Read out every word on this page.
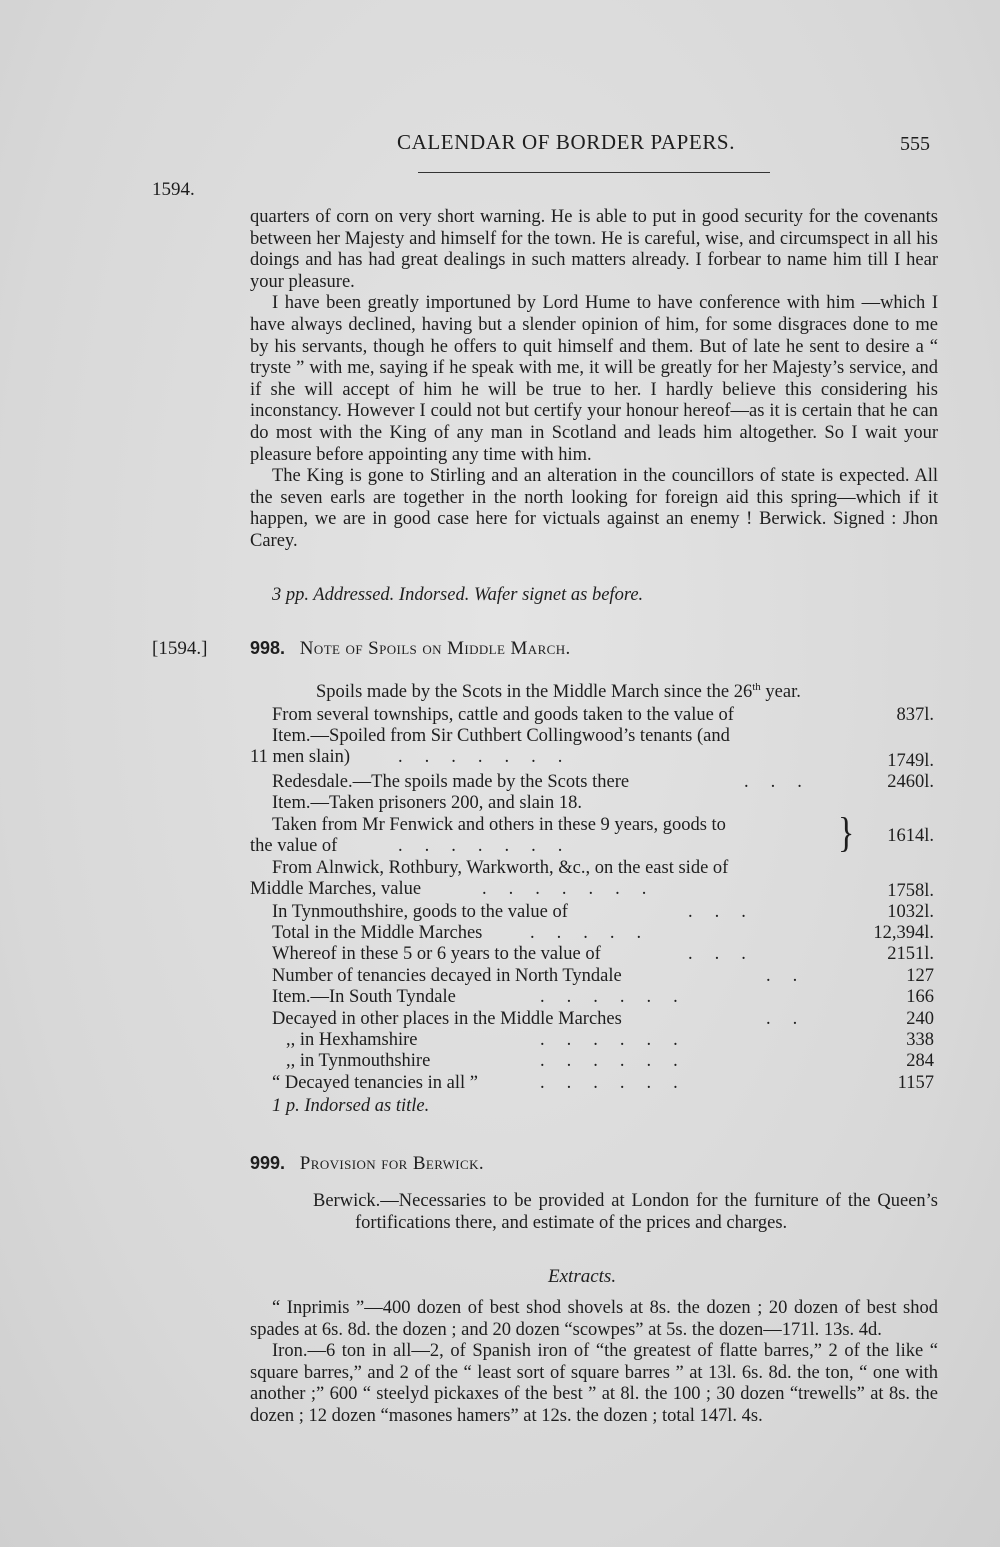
CALENDAR OF BORDER PAPERS.	555
1594.

quarters of corn on very short warning. He is able to put in good security for the covenants between her Majesty and himself for the town. He is careful, wise, and circumspect in all his doings and has had great dealings in such matters already. I forbear to name him till I hear your pleasure.

I have been greatly importuned by Lord Hume to have conference with him —which I have always declined, having but a slender opinion of him, for some disgraces done to me by his servants, though he offers to quit himself and them. But of late he sent to desire a “ tryste ” with me, saying if he speak with me, it will be greatly for her Majesty’s service, and if she will accept of him he will be true to her. I hardly believe this considering his inconstancy. However I could not but certify your honour hereof—as it is certain that he can do most with the King of any man in Scotland and leads him altogether. So I wait your pleasure before appointing any time with him.

The King is gone to Stirling and an alteration in the councillors of state is expected. All the seven earls are together in the north looking for foreign aid this spring—which if it happen, we are in good case here for victuals against an enemy ! Berwick. Signed : Jhon Carey.

3 pp. Addressed. Indorsed. Wafer signet as before.
[1594.] 998. Note of Spoils on Middle March.
Spoils made by the Scots in the Middle March since the 26th year.
From several townships, cattle and goods taken to the value of	837l.
Item.—Spoiled from Sir Cuthbert Collingwood’s tenants (and
11 men slain)	.......	1749l.
Redesdale.—The spoils made by the Scots there	...	2460l.
Item.—Taken prisoners 200, and slain 18.
Taken from Mr Fenwick and others in these 9 years, goods to
the value of	.......	} 1614l.
From Alnwick, Rothbury, Warkworth, &c., on the east side of
Middle Marches, value	.......	1758l.
In Tynmouthshire, goods to the value of	...	1032l.
Total in the Middle Marches	.....	12,394l.
Whereof in these 5 or 6 years to the value of	...	2151l.
Number of tenancies decayed in North Tyndale	..	127
Item.—In South Tyndale	......	166
Decayed in other places in the Middle Marches	..	240
,, in Hexhamshire	......	338
,, in Tynmouthshire	......	284
“ Decayed tenancies in all ”	......	1157
1 p. Indorsed as title.
999. Provision for Berwick.

Berwick.—Necessaries to be provided at London for the furniture of the Queen’s fortifications there, and estimate of the prices and charges.

Extracts.

“ Inprimis ”—400 dozen of best shod shovels at 8s. the dozen ; 20 dozen of best shod spades at 6s. 8d. the dozen ; and 20 dozen “scowpes” at 5s. the dozen—171l. 13s. 4d.

Iron.—6 ton in all—2, of Spanish iron of “the greatest of flatte barres,” 2 of the like “ square barres,” and 2 of the “ least sort of square barres ” at 13l. 6s. 8d. the ton, “ one with another ;” 600 “ steelyd pickaxes of the best ” at 8l. the 100 ; 30 dozen “trewells” at 8s. the dozen ; 12 dozen “masones hamers” at 12s. the dozen ; total 147l. 4s.
